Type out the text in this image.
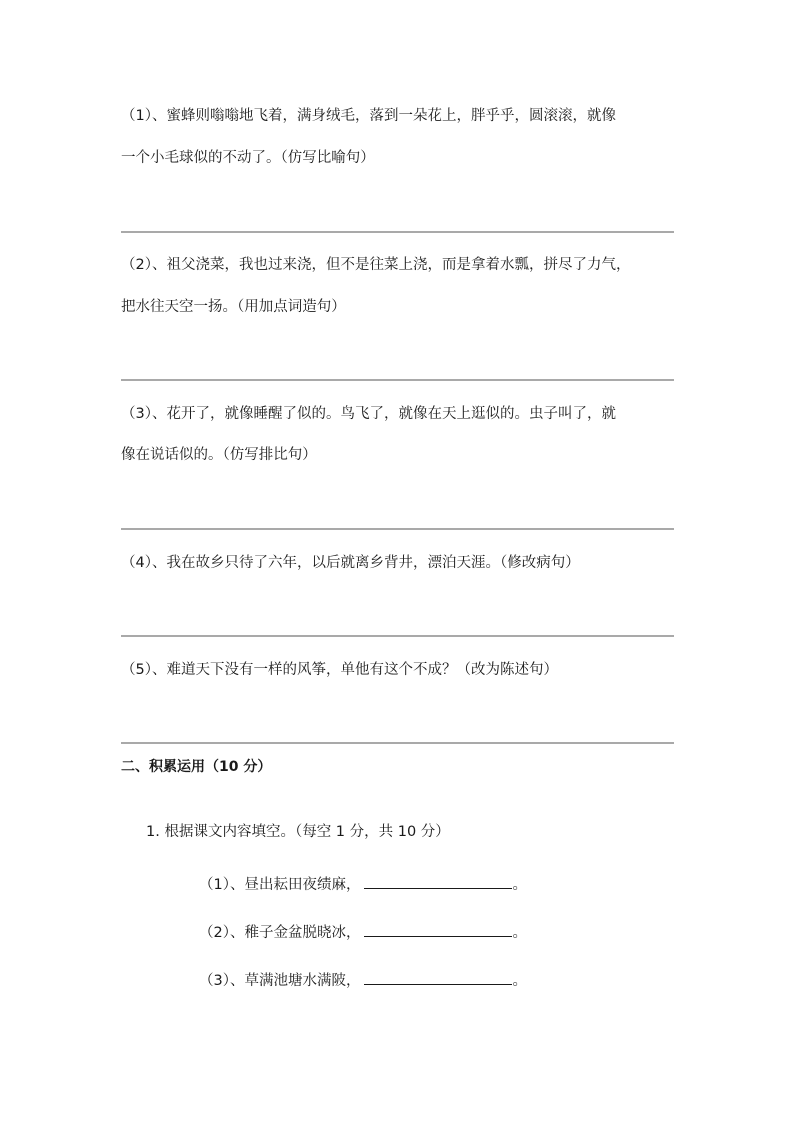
（1）、蜜蜂则嗡嗡地飞着，满身绒毛，落到一朵花上，胖乎乎，圆滚滚，就像
一个小毛球似的不动了。（仿写比喻句）
（2）、祖父浇菜，我也过来浇，但不是往菜上浇，而是拿着水瓢，拼尽了力气，
把水往天空一扬。（用加点词造句）
（3）、花开了，就像睡醒了似的。鸟飞了，就像在天上逛似的。虫子叫了，就
像在说话似的。（仿写排比句）
（4）、我在故乡只待了六年，以后就离乡背井，漂泊天涯。（修改病句）
（5）、难道天下没有一样的风筝，单他有这个不成？（改为陈述句）
二、积累运用（10 分）
1. 根据课文内容填空。（每空 1 分，共 10 分）
（1）、昼出耘田夜绩麻，	。
（2）、稚子金盆脱晓冰，	。
（3）、草满池塘水满陂，	。
